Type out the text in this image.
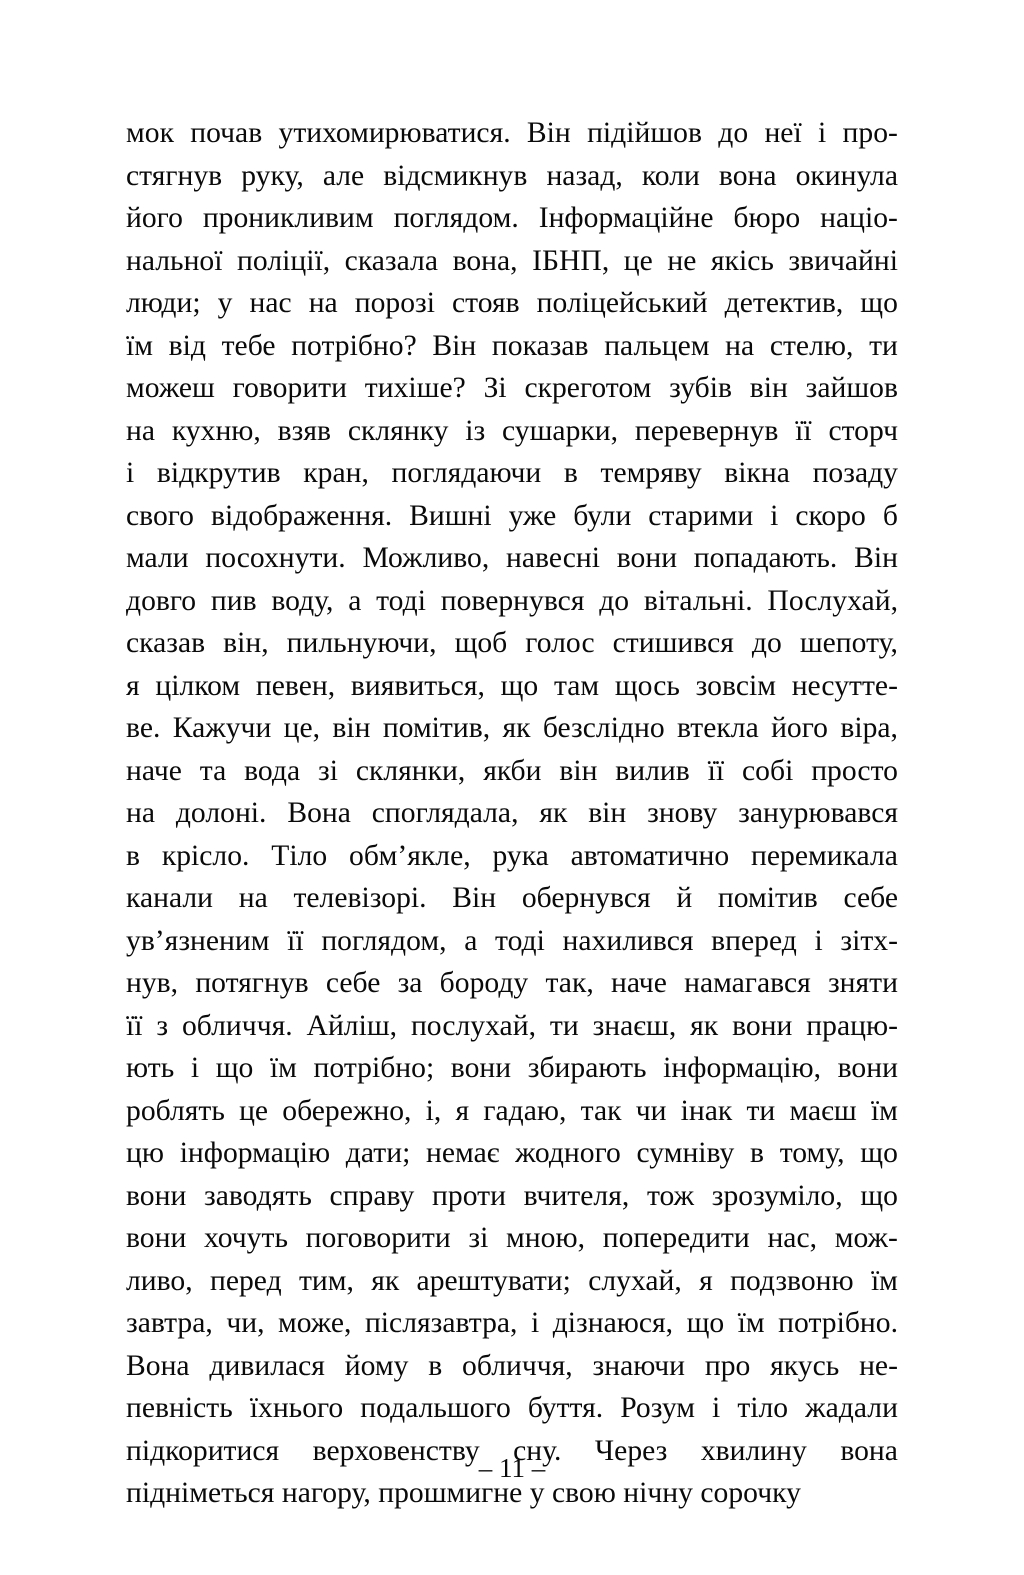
мок почав утихомирюватися. Він підійшов до неї і про-
стягнув руку, але відсмикнув назад, коли вона окинула
його проникливим поглядом. Інформаційне бюро націо-
нальної поліції, сказала вона, ІБНП, це не якісь звичайні
люди; у нас на порозі стояв поліцейський детектив, що
їм від тебе потрібно? Він показав пальцем на стелю, ти
можеш говорити тихіше? Зі скреготом зубів він зайшов
на кухню, взяв склянку із сушарки, перевернув її сторч
і відкрутив кран, поглядаючи в темряву вікна позаду
свого відображення. Вишні уже були старими і скоро б
мали посохнути. Можливо, навесні вони попадають. Він
довго пив воду, а тоді повернувся до вітальні. Послухай,
сказав він, пильнуючи, щоб голос стишився до шепоту,
я цілком певен, виявиться, що там щось зовсім несутте-
ве. Кажучи це, він помітив, як безслідно втекла його віра,
наче та вода зі склянки, якби він вилив її собі просто
на долоні. Вона споглядала, як він знову занурювався
в крісло. Тіло обм’якле, рука автоматично перемикала
канали на телевізорі. Він обернувся й помітив себе
ув’язненим її поглядом, а тоді нахилився вперед і зітх-
нув, потягнув себе за бороду так, наче намагався зняти
її з обличчя. Айліш, послухай, ти знаєш, як вони працю-
ють і що їм потрібно; вони збирають інформацію, вони
роблять це обережно, і, я гадаю, так чи інак ти маєш їм
цю інформацію дати; немає жодного сумніву в тому, що
вони заводять справу проти вчителя, тож зрозуміло, що
вони хочуть поговорити зі мною, попередити нас, мож-
ливо, перед тим, як арештувати; слухай, я подзвоню їм
завтра, чи, може, післязавтра, і дізнаюся, що їм потрібно.
Вона дивилася йому в обличчя, знаючи про якусь не-
певність їхнього подальшого буття. Розум і тіло жадали
підкоритися верховенству сну. Через хвилину вона
підніметься нагору, прошмигне у свою нічну сорочку
– 11 –
